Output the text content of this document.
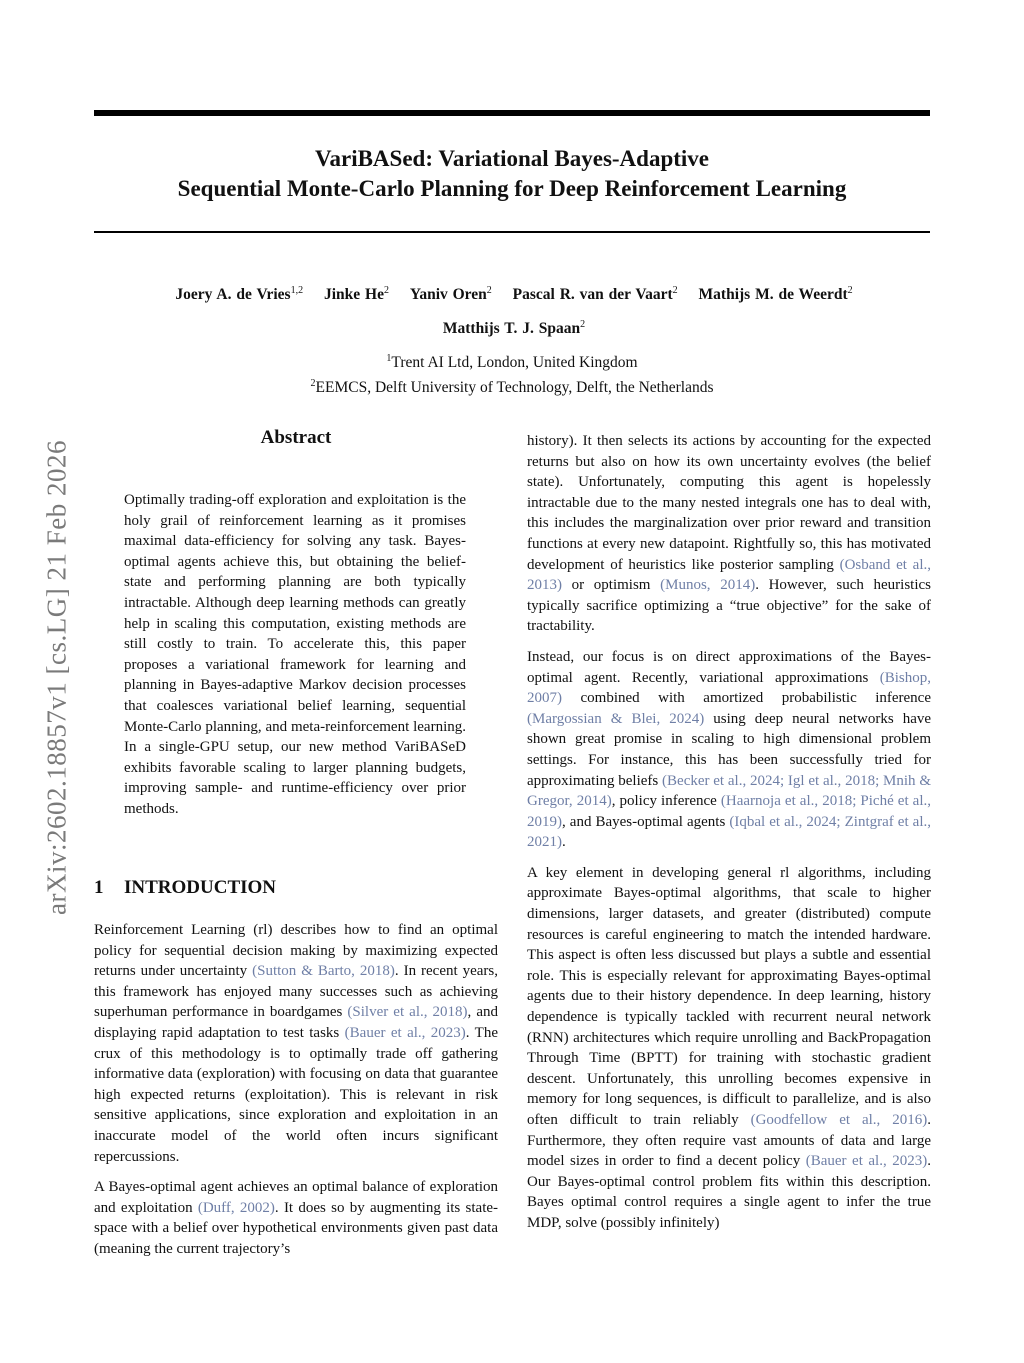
VariBASed: Variational Bayes-Adaptive
Sequential Monte-Carlo Planning for Deep Reinforcement Learning
Joery A. de Vries$^{1,2}$ Jinke He$^2$ Yaniv Oren$^2$ Pascal R. van der Vaart$^2$ Mathijs M. de Weerdt$^2$ Matthijs T. J. Spaan$^2$
$^1$Trent AI Ltd, London, United Kingdom
$^2$EEMCS, Delft University of Technology, Delft, the Netherlands
arXiv:2602.18857v1 [cs.LG] 21 Feb 2026
Abstract
Optimally trading-off exploration and exploitation is the holy grail of reinforcement learning as it promises maximal data-efficiency for solving any task. Bayes-optimal agents achieve this, but obtaining the belief-state and performing planning are both typically intractable. Although deep learning methods can greatly help in scaling this computation, existing methods are still costly to train. To accelerate this, this paper proposes a variational framework for learning and planning in Bayes-adaptive Markov decision processes that coalesces variational belief learning, sequential Monte-Carlo planning, and meta-reinforcement learning. In a single-GPU setup, our new method VariBASeD exhibits favorable scaling to larger planning budgets, improving sample- and runtime-efficiency over prior methods.
1 INTRODUCTION

Reinforcement Learning (rl) describes how to find an optimal policy for sequential decision making by maximizing expected returns under uncertainty (Sutton & Barto, 2018). In recent years, this framework has enjoyed many successes such as achieving superhuman performance in boardgames (Silver et al., 2018), and displaying rapid adaptation to test tasks (Bauer et al., 2023). The crux of this methodology is to optimally trade off gathering informative data (exploration) with focusing on data that guarantee high expected returns (exploitation). This is relevant in risk sensitive applications, since exploration and exploitation in an inaccurate model of the world often incurs significant repercussions.

A Bayes-optimal agent achieves an optimal balance of exploration and exploitation (Duff, 2002). It does so by augmenting its state-space with a belief over hypothetical environments given past data (meaning the current trajectory’s

history). It then selects its actions by accounting for the expected returns but also on how its own uncertainty evolves (the belief state). Unfortunately, computing this agent is hopelessly intractable due to the many nested integrals one has to deal with, this includes the marginalization over prior reward and transition functions at every new datapoint. Rightfully so, this has motivated development of heuristics like posterior sampling (Osband et al., 2013) or optimism (Munos, 2014). However, such heuristics typically sacrifice optimizing a “true objective” for the sake of tractability.

Instead, our focus is on direct approximations of the Bayes-optimal agent. Recently, variational approximations (Bishop, 2007) combined with amortized probabilistic inference (Margossian & Blei, 2024) using deep neural networks have shown great promise in scaling to high dimensional problem settings. For instance, this has been successfully tried for approximating beliefs (Becker et al., 2024; Igl et al., 2018; Mnih & Gregor, 2014), policy inference (Haarnoja et al., 2018; Piché et al., 2019), and Bayes-optimal agents (Iqbal et al., 2024; Zintgraf et al., 2021).

A key element in developing general rl algorithms, including approximate Bayes-optimal algorithms, that scale to higher dimensions, larger datasets, and greater (distributed) compute resources is careful engineering to match the intended hardware. This aspect is often less discussed but plays a subtle and essential role. This is especially relevant for approximating Bayes-optimal agents due to their history dependence. In deep learning, history dependence is typically tackled with recurrent neural network (RNN) architectures which require unrolling and BackPropagation Through Time (BPTT) for training with stochastic gradient descent. Unfortunately, this unrolling becomes expensive in memory for long sequences, is difficult to parallelize, and is also often difficult to train reliably (Goodfellow et al., 2016). Furthermore, they often require vast amounts of data and large model sizes in order to find a decent policy (Bauer et al., 2023). Our Bayes-optimal control problem fits within this description. Bayes optimal control requires a single agent to infer the true MDP, solve (possibly infinitely)
